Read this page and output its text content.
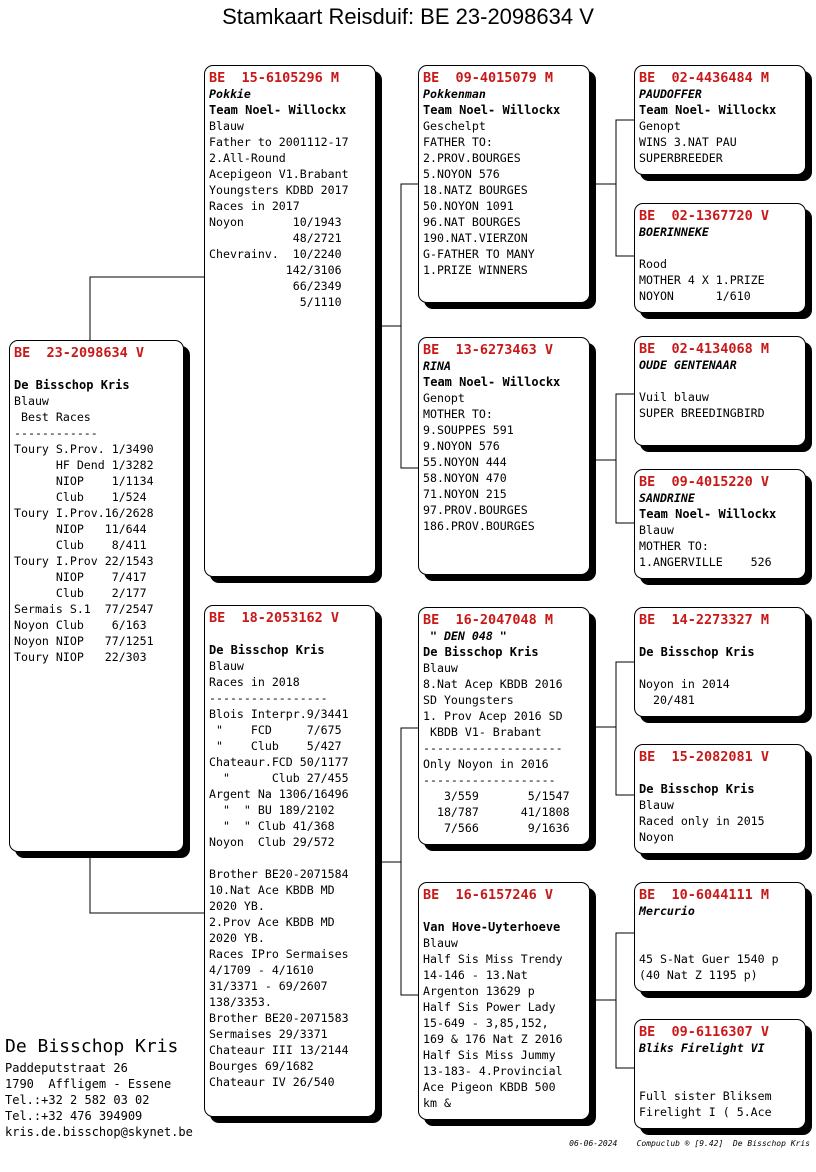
Stamkaart Reisduif: BE 23-2098634 V
BE  23-2098634 V
De Bisschop Kris
Blauw
Best Races
------------
Toury S.Prov. 1/3490
HF Dend 1/3282
NIOP    1/1134
Club    1/524
Toury I.Prov.16/2628
NIOP   11/644
Club    8/411
Toury I.Prov 22/1543
NIOP    7/417
Club    2/177
Sermais S.1  77/2547
Noyon Club    6/163
Noyon NIOP   77/1251
Toury NIOP   22/303
BE  15-6105296 M
Pokkie
Team Noel- Willockx
Blauw
Father to 2001112-17
2.All-Round
Acepigeon V1.Brabant
Youngsters KDBD 2017
Races in 2017
Noyon       10/1943
48/2721
Chevrainv.  10/2240
142/3106
66/2349
5/1110
BE  18-2053162 V
De Bisschop Kris
Blauw
Races in 2018
-----------------
Blois Interpr.9/3441
"    FCD     7/675
"    Club    5/427
Chateaur.FCD 50/1177
"      Club 27/455
Argent Na 1306/16496
"  " BU 189/2102
"  " Club 41/368
Noyon  Club 29/572
Brother BE20-2071584
10.Nat Ace KBDB MD
2020 YB.
2.Prov Ace KBDB MD
2020 YB.
Races IPro Sermaises
4/1709 - 4/1610
31/3371 - 69/2607
138/3353.
Brother BE20-2071583
Sermaises 29/3371
Chateaur III 13/2144
Bourges 69/1682
Chateaur IV 26/540
BE  09-4015079 M
Pokkenman
Team Noel- Willockx
Geschelpt
FATHER TO:
2.PROV.BOURGES
5.NOYON 576
18.NATZ BOURGES
50.NOYON 1091
96.NAT BOURGES
190.NAT.VIERZON
G-FATHER TO MANY
1.PRIZE WINNERS
BE  13-6273463 V
RINA
Team Noel- Willockx
Genopt
MOTHER TO:
9.SOUPPES 591
9.NOYON 576
55.NOYON 444
58.NOYON 470
71.NOYON 215
97.PROV.BOURGES
186.PROV.BOURGES
BE  16-2047048 M
" DEN 048 "
De Bisschop Kris
Blauw
8.Nat Acep KBDB 2016
SD Youngsters
1. Prov Acep 2016 SD
KBDB V1- Brabant
--------------------
Only Noyon in 2016
-------------------
3/559       5/1547
18/787      41/1808
7/566       9/1636
BE  16-6157246 V
Van Hove-Uyterhoeve
Blauw
Half Sis Miss Trendy
14-146 - 13.Nat
Argenton 13629 p
Half Sis Power Lady
15-649 - 3,85,152,
169 & 176 Nat Z 2016
Half Sis Miss Jummy
13-183- 4.Provincial
Ace Pigeon KBDB 500
km &
BE  02-4436484 M
PAUDOFFER
Team Noel- Willockx
Genopt
WINS 3.NAT PAU
SUPERBREEDER
BE  02-1367720 V
BOERINNEKE
Rood
MOTHER 4 X 1.PRIZE
NOYON      1/610
BE  02-4134068 M
OUDE GENTENAAR
Vuil blauw
SUPER BREEDINGBIRD
BE  09-4015220 V
SANDRINE
Team Noel- Willockx
Blauw
MOTHER TO:
1.ANGERVILLE    526
BE  14-2273327 M
De Bisschop Kris
Noyon in 2014
20/481
BE  15-2082081 V
De Bisschop Kris
Blauw
Raced only in 2015
Noyon
BE  10-6044111 M
Mercurio
45 S-Nat Guer 1540 p
(40 Nat Z 1195 p)
BE  09-6116307 V
Bliks Firelight VI
Full sister Bliksem
Firelight I ( 5.Ace
De Bisschop Kris
Paddeputstraat 26
1790  Affligem - Essene
Tel.:+32 2 582 03 02
Tel.:+32 476 394909
kris.de.bisschop@skynet.be
06-06-2024    Compuclub ® [9.42]  De Bisschop Kris
